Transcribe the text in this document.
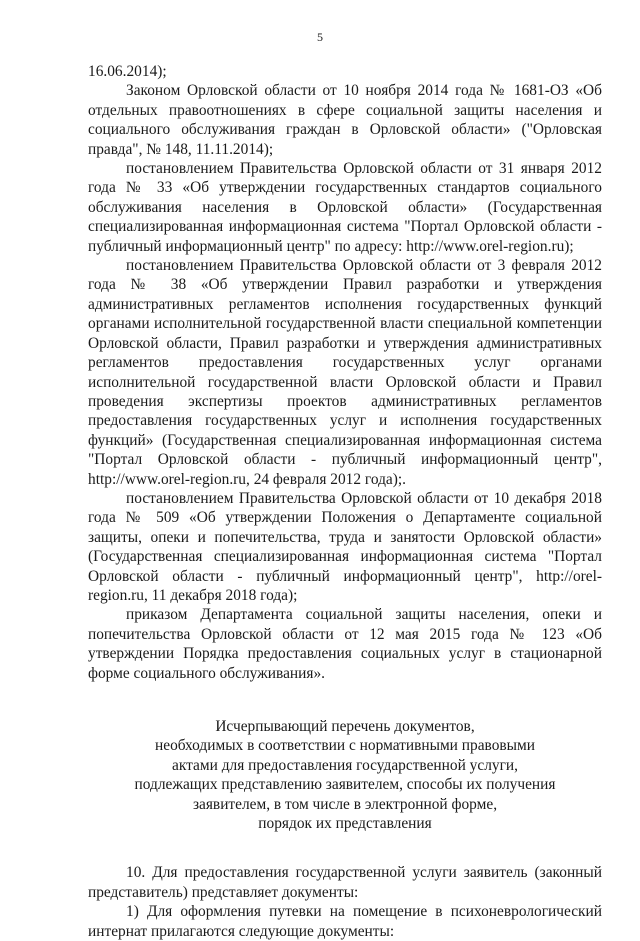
5

16.06.2014);

Законом Орловской области от 10 ноября 2014 года № 1681-ОЗ «Об отдельных правоотношениях в сфере социальной защиты населения и социального обслуживания граждан в Орловской области» ("Орловская правда", № 148, 11.11.2014);

постановлением Правительства Орловской области от 31 января 2012 года № 33 «Об утверждении государственных стандартов социального обслуживания населения в Орловской области» (Государственная специализированная информационная система "Портал Орловской области - публичный информационный центр" по адресу: http://www.orel-region.ru);

постановлением Правительства Орловской области от 3 февраля 2012 года № 38 «Об утверждении Правил разработки и утверждения административных регламентов исполнения государственных функций органами исполнительной государственной власти специальной компетенции Орловской области, Правил разработки и утверждения административных регламентов предоставления государственных услуг органами исполнительной государственной власти Орловской области и Правил проведения экспертизы проектов административных регламентов предоставления государственных услуг и исполнения государственных функций» (Государственная специализированная информационная система "Портал Орловской области - публичный информационный центр", http://www.orel-region.ru, 24 февраля 2012 года);.

постановлением Правительства Орловской области от 10 декабря 2018 года № 509 «Об утверждении Положения о Департаменте социальной защиты, опеки и попечительства, труда и занятости Орловской области» (Государственная специализированная информационная система "Портал Орловской области - публичный информационный центр", http://orel-region.ru, 11 декабря 2018 года);

приказом Департамента социальной защиты населения, опеки и попечительства Орловской области от 12 мая 2015 года № 123 «Об утверждении Порядка предоставления социальных услуг в стационарной форме социального обслуживания».

Исчерпывающий перечень документов,
необходимых в соответствии с нормативными правовыми
актами для предоставления государственной услуги,
подлежащих представлению заявителем, способы их получения
заявителем, в том числе в электронной форме,
порядок их представления

10. Для предоставления государственной услуги заявитель (законный представитель) представляет документы:

1) Для оформления путевки на помещение в психоневрологический интернат прилагаются следующие документы:
